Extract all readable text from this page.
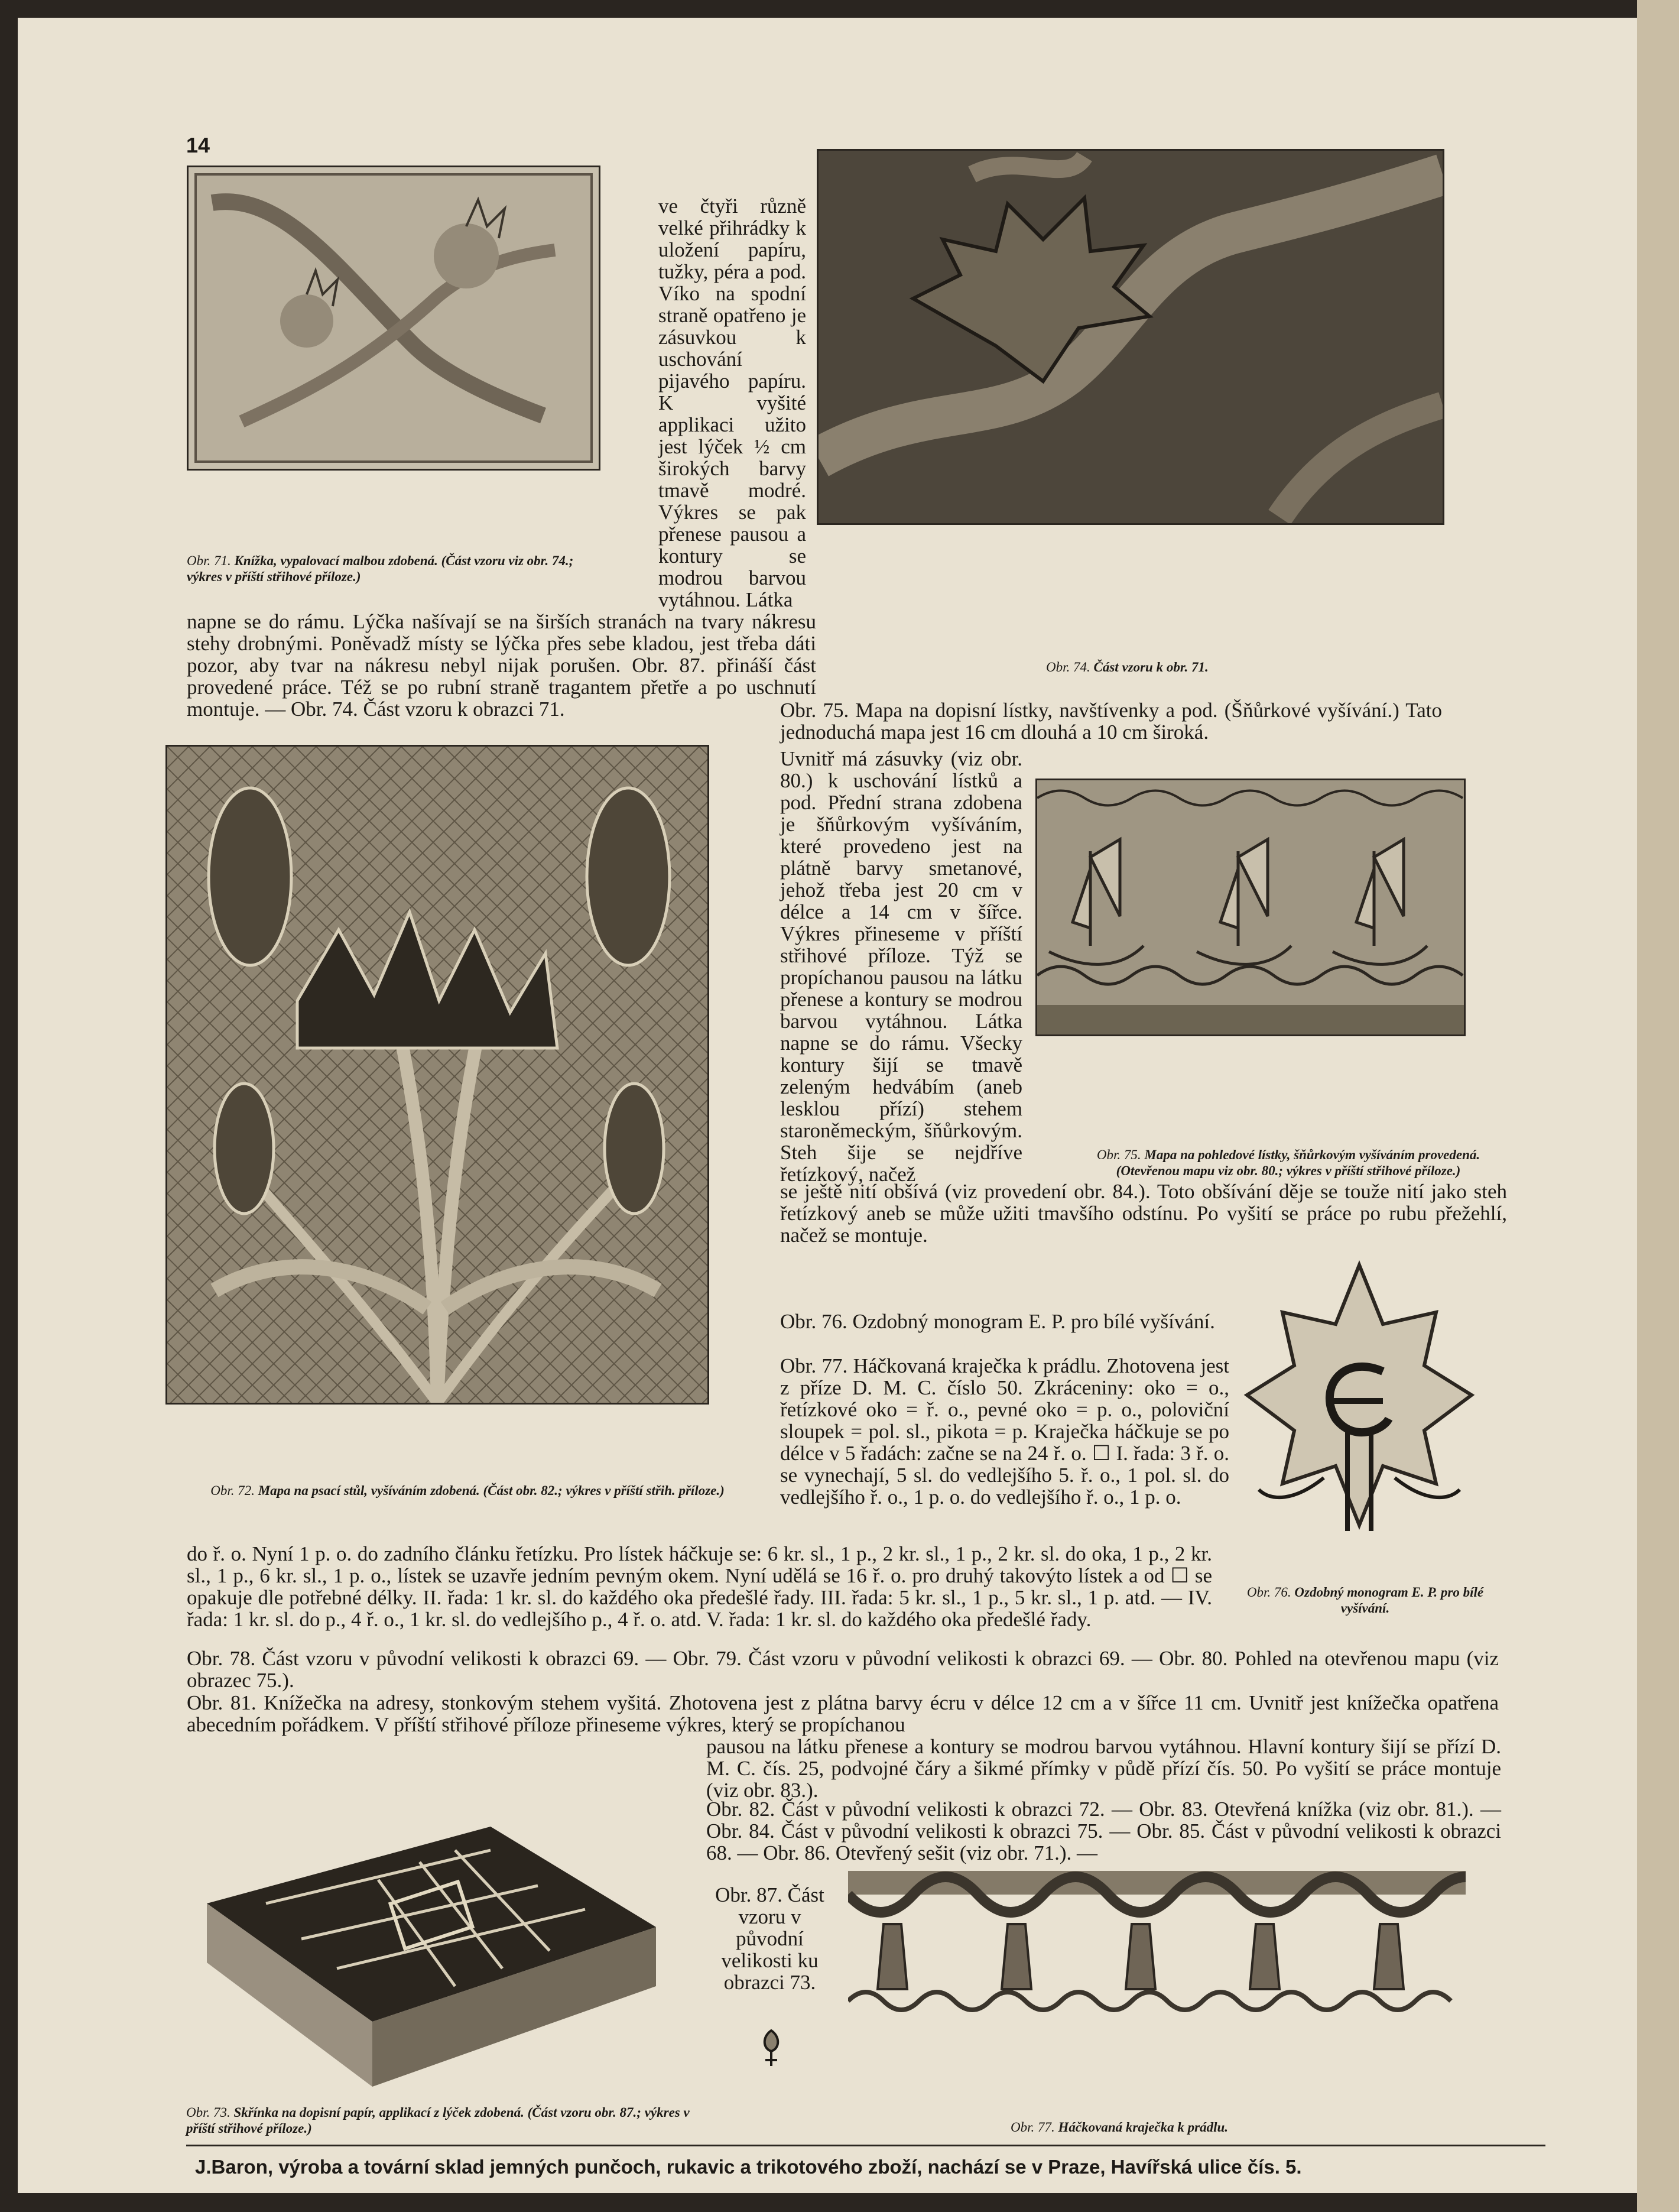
14
Obr. 71. Knížka, vypalovací malbou zdobená. (Část vzoru viz obr. 74.; výkres v příští střihové příloze.)
ve čtyři různě velké přihrádky k uložení papíru, tužky, péra a pod. Víko na spodní straně opatřeno je zásuvkou k uschování pijavého papíru. K vyšité applikaci užito jest lýček ½ cm širokých barvy tmavě modré. Výkres se pak přenese pausou a kontury se modrou barvou vytáhnou. Látka
Obr. 74. Část vzoru k obr. 71.
napne se do rámu. Lýčka našívají se na širších stranách na tvary nákresu stehy drobnými. Poněvadž místy se lýčka přes sebe kladou, jest třeba dáti pozor, aby tvar na nákresu nebyl nijak porušen. Obr. 87. přináší část provedené práce. Též se po rubní straně tragantem přetře a po uschnutí montuje. — Obr. 74. Část vzoru k obrazci 71.
Obr. 72. Mapa na psací stůl, vyšíváním zdobená. (Část obr. 82.; výkres v příští střih. příloze.)
Obr. 75. Mapa na dopisní lístky, navštívenky a pod. (Šňůrkové vyšívání.) Tato jednoduchá mapa jest 16 cm dlouhá a 10 cm široká.
Uvnitř má zásuvky (viz obr. 80.) k uschování lístků a pod. Přední strana zdobena je šňůrkovým vyšíváním, které provedeno jest na plátně barvy smetanové, jehož třeba jest 20 cm v délce a 14 cm v šířce. Výkres přineseme v příští střihové příloze. Týž se propíchanou pausou na látku přenese a kontury se modrou barvou vytáhnou. Látka napne se do rámu. Všecky kontury šijí se tmavě zeleným hedvábím (aneb lesklou přízí) stehem staroněmeckým, šňůrkovým. Steh šije se nejdříve řetízkový, načež
se ještě nití obšívá (viz provedení obr. 84.). Toto obšívání děje se touže nití jako steh řetízkový aneb se může užiti tmavšího odstínu. Po vyšití se práce po rubu přežehlí, načež se montuje.
Obr. 75. Mapa na pohledové lístky, šňůrkovým vyšíváním provedená. (Otevřenou mapu viz obr. 80.; výkres v příští střihové příloze.)
Obr. 76. Ozdobný monogram E. P. pro bílé vyšívání.
Obr. 77. Háčkovaná kraječka k prádlu. Zhotovena jest z příze D. M. C. číslo 50. Zkráceniny: oko = o., řetízkové oko = ř. o., pevné oko = p. o., poloviční sloupek = pol. sl., pikota = p. Kraječka háčkuje se po délce v 5 řadách: začne se na 24 ř. o. ☐ I. řada: 3 ř. o. se vynechají, 5 sl. do vedlejšího 5. ř. o., 1 pol. sl. do vedlejšího ř. o., 1 p. o. do vedlejšího ř. o., 1 p. o.
Obr. 76. Ozdobný monogram E. P. pro bílé vyšívání.
do ř. o. Nyní 1 p. o. do zadního článku řetízku. Pro lístek háčkuje se: 6 kr. sl., 1 p., 2 kr. sl., 1 p., 2 kr. sl. do oka, 1 p., 2 kr. sl., 1 p., 6 kr. sl., 1 p. o., lístek se uzavře jedním pevným okem. Nyní udělá se 16 ř. o. pro druhý takovýto lístek a od ☐ se opakuje dle potřebné délky. II. řada: 1 kr. sl. do každého oka předešlé řady. III. řada: 5 kr. sl., 1 p., 5 kr. sl., 1 p. atd. — IV. řada: 1 kr. sl. do p., 4 ř. o., 1 kr. sl. do vedlejšího p., 4 ř. o. atd. V. řada: 1 kr. sl. do každého oka předešlé řady.
Obr. 78. Část vzoru v původní velikosti k obrazci 69. — Obr. 79. Část vzoru v původní velikosti k obrazci 69. — Obr. 80. Pohled na otevřenou mapu (viz obrazec 75.).
Obr. 81. Knížečka na adresy, stonkovým stehem vyšitá. Zhotovena jest z plátna barvy écru v délce 12 cm a v šířce 11 cm. Uvnitř jest knížečka opatřena abecedním pořádkem. V příští střihové příloze přineseme výkres, který se propíchanou
pausou na látku přenese a kontury se modrou barvou vytáhnou. Hlavní kontury šijí se přízí D. M. C. čís. 25, podvojné čáry a šikmé přímky v půdě přízí čís. 50. Po vyšití se práce montuje (viz obr. 83.).
Obr. 82. Část v původní velikosti k obrazci 72. — Obr. 83. Otevřená knížka (viz obr. 81.). — Obr. 84. Část v původní velikosti k obrazci 75. — Obr. 85. Část v původní velikosti k obrazci 68. — Obr. 86. Otevřený sešit (viz obr. 71.). —
Obr. 87. Část vzoru v původní velikosti ku obrazci 73.
Obr. 73. Skřínka na dopisní papír, applikací z lýček zdobená. (Část vzoru obr. 87.; výkres v příští střihové příloze.)	Obr. 77. Háčkovaná kraječka k prádlu.
J.Baron, výroba a tovární sklad jemných punčoch, rukavic a trikotového zboží, nachází se v Praze, Havířská ulice čís. 5.
